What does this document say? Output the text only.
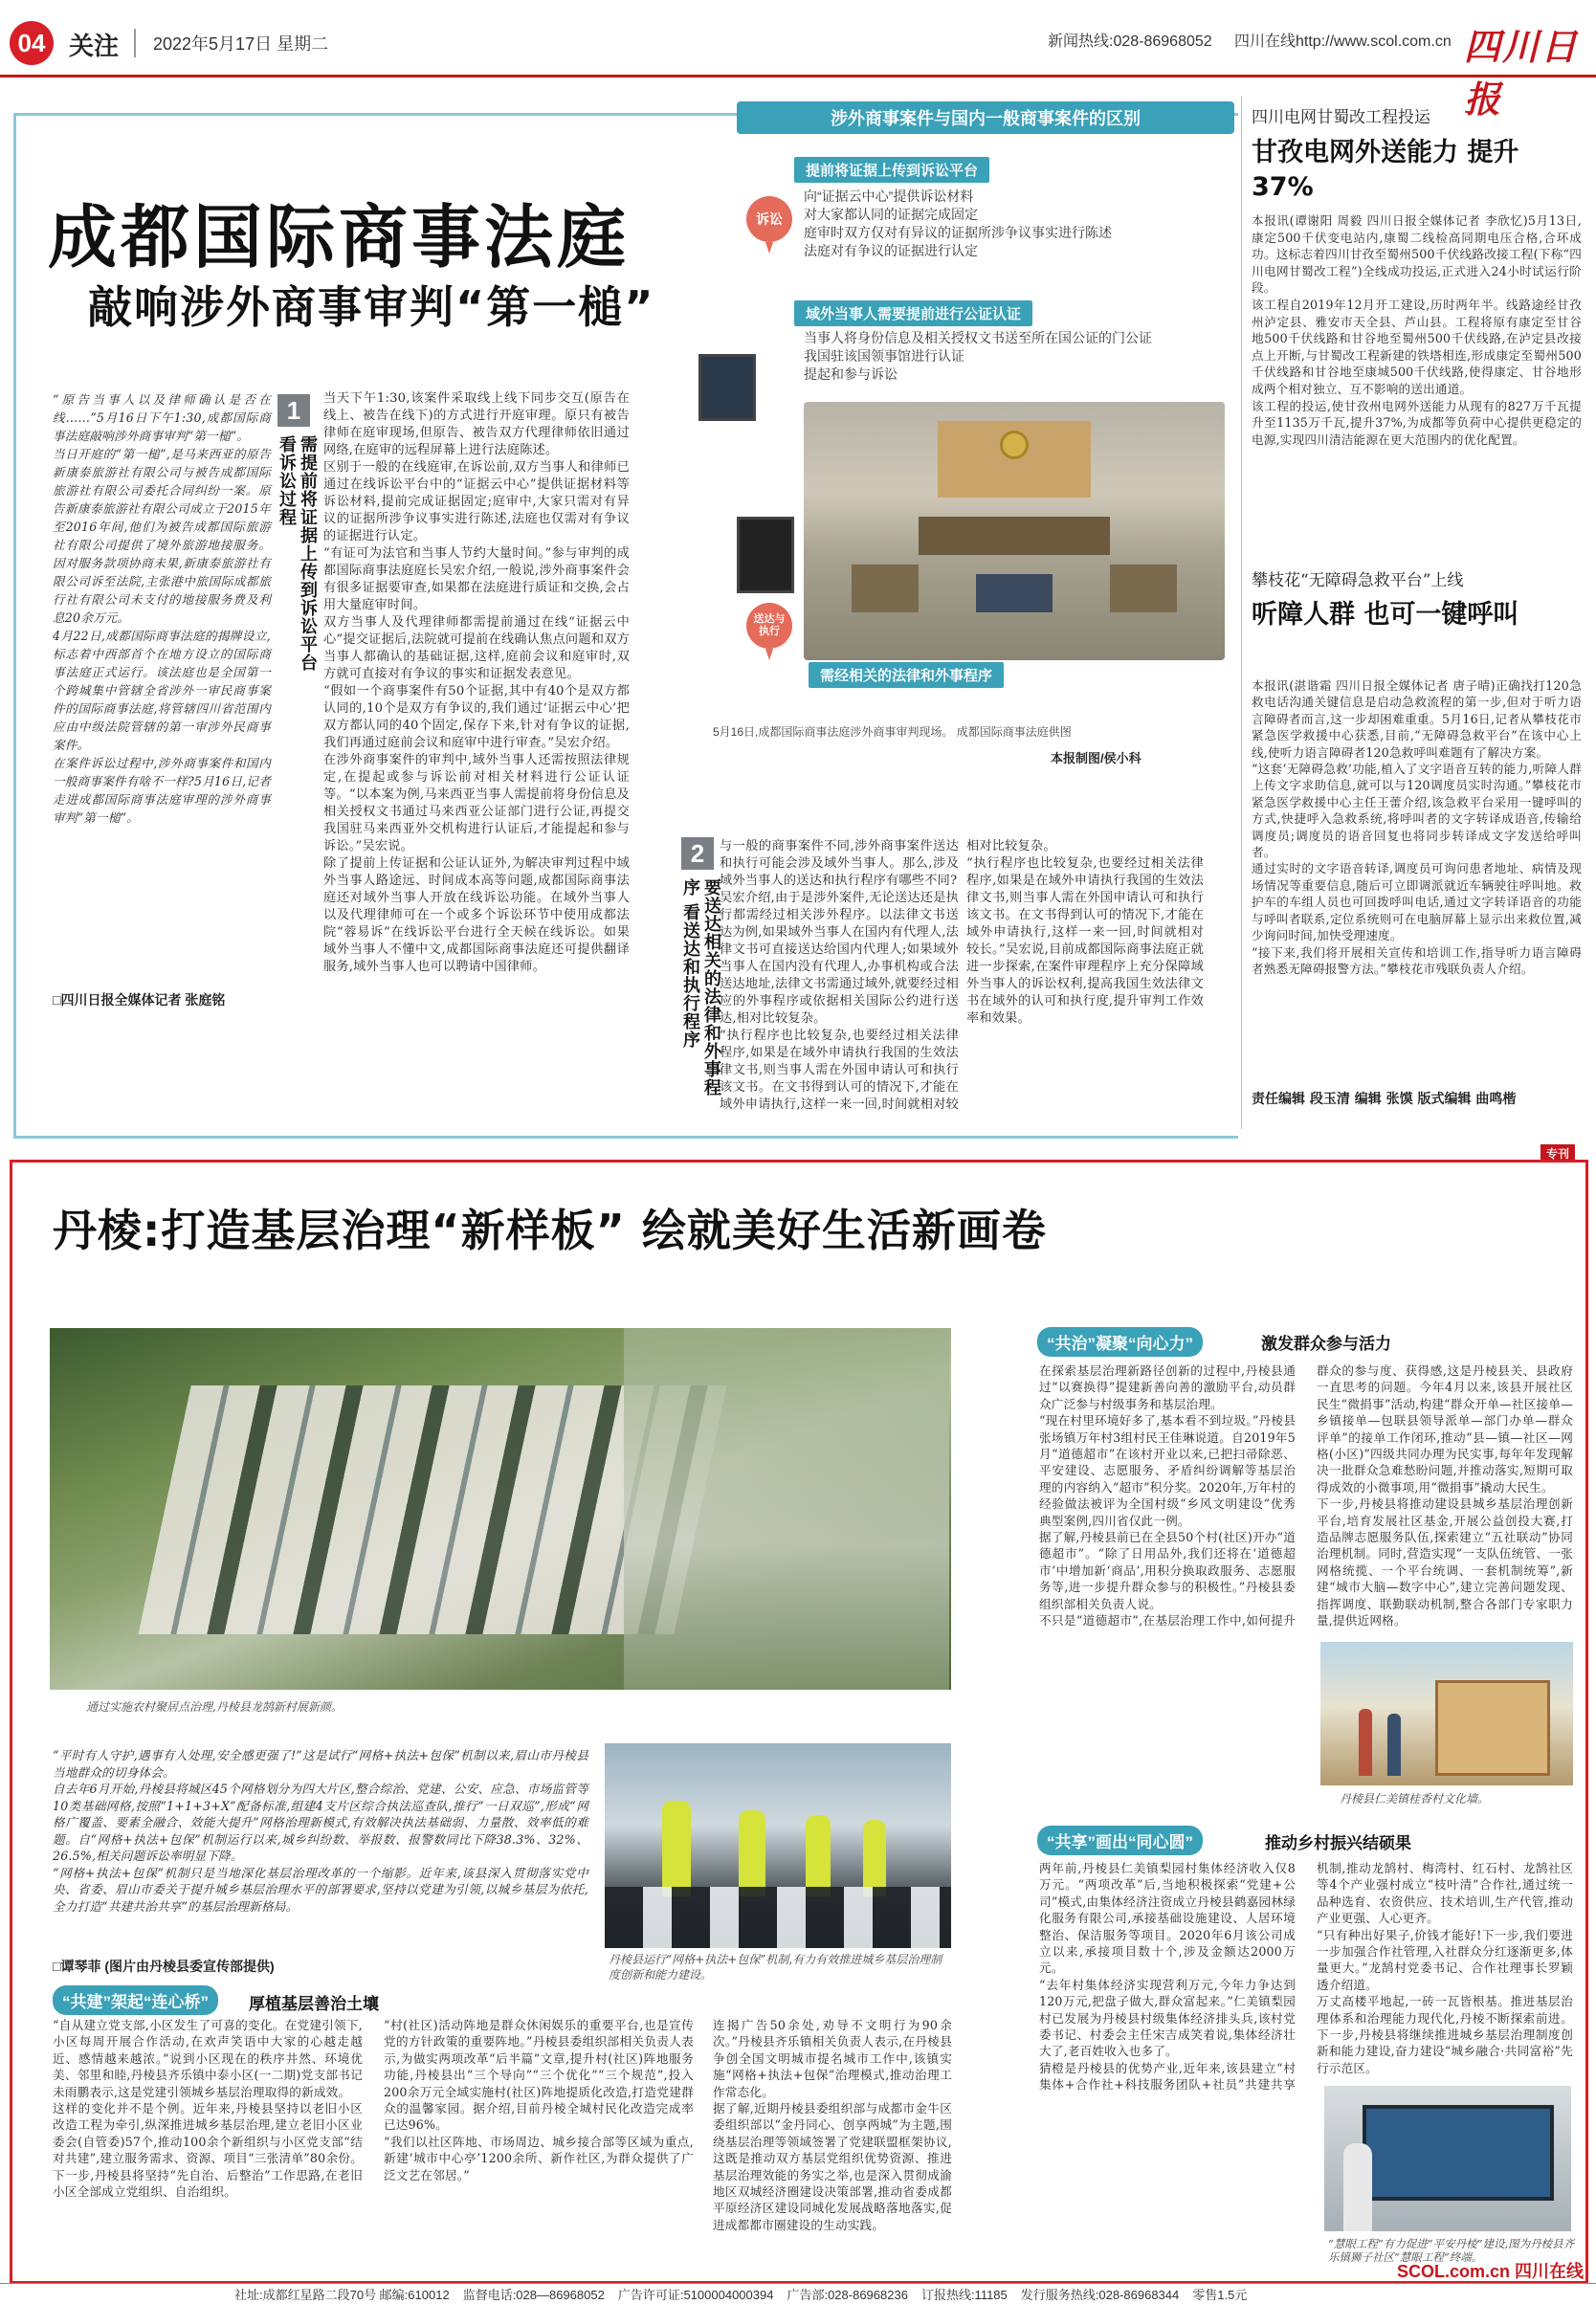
04 关注 2022年5月17日 星期二	新闻热线:028-86968052 四川在线http://www.scol.com.cn 四川日报
成都国际商事法庭
敲响涉外商事审判“第一槌”
“原告当事人以及律师确认是否在线……”5月16日下午1:30,成都国际商事法庭敲响涉外商事审判“第一槌”。
当日开庭的“第一槌”,是马来西亚的原告新康泰旅游社有限公司与被告成都国际旅游社有限公司委托合同纠纷一案。原告新康泰旅游社有限公司成立于2015年至2016年间,他们为被告成都国际旅游社有限公司提供了境外旅游地接服务。因对服务款项协商未果,新康泰旅游社有限公司诉至法院,主张港中旅国际成都旅行社有限公司未支付的地接服务费及利息20余万元。
4月22日,成都国际商事法庭的揭牌设立,标志着中西部首个在地方设立的国际商事法庭正式运行。该法庭也是全国第一个跨城集中管辖全省涉外一审民商事案件的国际商事法庭,将管辖四川省范围内应由中级法院管辖的第一审涉外民商事案件。
在案件诉讼过程中,涉外商事案件和国内一般商事案件有啥不一样?5月16日,记者走进成都国际商事法庭审理的涉外商事审判“第一槌”。
□四川日报全媒体记者 张庭铭
1
需提前将证据上传到诉讼平台 看诉讼过程
当天下午1:30,该案件采取线上线下同步交互(原告在线上、被告在线下)的方式进行开庭审理。原只有被告律师在庭审现场,但原告、被告双方代理律师依旧通过网络,在庭审的远程屏幕上进行法庭陈述。
区别于一般的在线庭审,在诉讼前,双方当事人和律师已通过在线诉讼平台中的“证据云中心”提供证据材料等诉讼材料,提前完成证据固定;庭审中,大家只需对有异议的证据所涉争议事实进行陈述,法庭也仅需对有争议的证据进行认定。
“有证可为法官和当事人节约大量时间。”参与审判的成都国际商事法庭庭长吴宏介绍,一般说,涉外商事案件会有很多证据要审查,如果都在法庭进行质证和交换,会占用大量庭审时间。
双方当事人及代理律师都需提前通过在线“证据云中心”提交证据后,法院就可提前在线确认焦点问题和双方当事人都确认的基础证据,这样,庭前会议和庭审时,双方就可直接对有争议的事实和证据发表意见。
“假如一个商事案件有50个证据,其中有40个是双方都认同的,10个是双方有争议的,我们通过‘证据云中心’把双方都认同的40个固定,保存下来,针对有争议的证据,我们再通过庭前会议和庭审中进行审查。”吴宏介绍。
在涉外商事案件的审判中,域外当事人还需按照法律规定,在提起或参与诉讼前对相关材料进行公证认证等。“以本案为例,马来西亚当事人需提前将身份信息及相关授权文书通过马来西亚公证部门进行公证,再提交我国驻马来西亚外交机构进行认证后,才能提起和参与诉讼。”吴宏说。
除了提前上传证据和公证认证外,为解决审判过程中域外当事人路途远、时间成本高等问题,成都国际商事法庭还对域外当事人开放在线诉讼功能。在域外当事人以及代理律师可在一个或多个诉讼环节中使用成都法院“蓉易诉”在线诉讼平台进行全天候在线诉讼。如果域外当事人不懂中文,成都国际商事法庭还可提供翻译服务,域外当事人也可以聘请中国律师。
涉外商事案件与国内一般商事案件的区别
诉讼
提前将证据上传到诉讼平台
向“证据云中心”提供诉讼材料
对大家都认同的证据完成固定
庭审时双方仅对有异议的证据所涉争议事实进行陈述
法庭对有争议的证据进行认定
域外当事人需要提前进行公证认证
当事人将身份信息及相关授权文书送至所在国公证的门公证
我国驻该国领事馆进行认证
提起和参与诉讼
送达与执行
需经相关的法律和外事程序
5月16日,成都国际商事法庭涉外商事审判现场。 成都国际商事法庭供图
本报制图/侯小科
2
要送达相关的法律和外事程序 看送达和执行程序
与一般的商事案件不同,涉外商事案件送达和执行可能会涉及域外当事人。那么,涉及域外当事人的送达和执行程序有哪些不同?
吴宏介绍,由于是涉外案件,无论送达还是执行都需经过相关涉外程序。以法律文书送达为例,如果域外当事人在国内有代理人,法律文书可直接送达给国内代理人;如果域外当事人在国内没有代理人,办事机构或合法送达地址,法律文书需通过域外,就要经过相应的外事程序或依据相关国际公约进行送达,相对比较复杂。
“执行程序也比较复杂,也要经过相关法律程序,如果是在域外申请执行我国的生效法律文书,则当事人需在外国申请认可和执行该文书。在文书得到认可的情况下,才能在域外申请执行,这样一来一回,时间就相对较
相对比较复杂。
“执行程序也比较复杂,也要经过相关法律程序,如果是在域外申请执行我国的生效法律文书,则当事人需在外国申请认可和执行该文书。在文书得到认可的情况下,才能在域外申请执行,这样一来一回,时间就相对较长。”吴宏说,目前成都国际商事法庭正就进一步探索,在案件审理程序上充分保障域外当事人的诉讼权利,提高我国生效法律文书在域外的认可和执行度,提升审判工作效率和效果。
四川电网甘蜀改工程投运
甘孜电网外送能力 提升37%
本报讯(谭谢阳 周毅 四川日报全媒体记者 李欣忆)5月13日,康定500千伏变电站内,康蜀二线检高同期电压合格,合环成功。这标志着四川甘孜至蜀州500千伏线路改接工程(下称“四川电网甘蜀改工程”)全线成功投运,正式进入24小时试运行阶段。
该工程自2019年12月开工建设,历时两年半。线路途经甘孜州泸定县、雅安市天全县、芦山县。工程将原有康定至甘谷地500千伏线路和甘谷地至蜀州500千伏线路,在泸定县改接点上开断,与甘蜀改工程新建的铁塔相连,形成康定至蜀州500千伏线路和甘谷地至康城500千伏线路,使得康定、甘谷地形成两个相对独立、互不影响的送出通道。
该工程的投运,使甘孜州电网外送能力从现有的827万千瓦提升至1135万千瓦,提升37%,为成都等负荷中心提供更稳定的电源,实现四川清洁能源在更大范围内的优化配置。
攀枝花“无障碍急救平台”上线
听障人群 也可一键呼叫
本报讯(湛谐霜 四川日报全媒体记者 唐子晴)正确找打120急救电话沟通关键信息是启动急救流程的第一步,但对于听力语言障碍者而言,这一步却困难重重。5月16日,记者从攀枝花市紧急医学救援中心获悉,目前,“无障碍急救平台”在该中心上线,使听力语言障碍者120急救呼叫难题有了解决方案。
“这套‘无障碍急救’功能,植入了文字语音互转的能力,听障人群上传文字求助信息,就可以与120调度员实时沟通。”攀枝花市紧急医学救援中心主任王蕾介绍,该急救平台采用一键呼叫的方式,快捷呼入急救系统,将呼叫者的文字转译成语音,传输给调度员;调度员的语音回复也将同步转译成文字发送给呼叫者。
通过实时的文字语音转译,调度员可询问患者地址、病情及现场情况等重要信息,随后可立即调派就近车辆驶往呼叫地。救护车的车组人员也可回拨呼叫电话,通过文字转译语音的功能与呼叫者联系,定位系统则可在电脑屏幕上显示出来救位置,减少询问时间,加快受理速度。
“接下来,我们将开展相关宣传和培训工作,指导听力语言障碍者熟悉无障碍报警方法。”攀枝花市残联负责人介绍。
责任编辑 段玉清 编辑 张馍 版式编辑 曲鸣楷
专刊
丹棱:打造基层治理“新样板” 绘就美好生活新画卷
通过实施农村聚居点治理,丹棱县龙鹄新村展新颜。
“平时有人守护,遇事有人处理,安全感更强了!”这是试行“网格+执法+包保”机制以来,眉山市丹棱县当地群众的切身体会。
自去年6月开始,丹棱县将城区45个网格划分为四大片区,整合综治、党建、公安、应急、市场监管等10类基础网格,按照“1+1+3+X”配备标准,组建4支片区综合执法巡查队,推行“一日双巡”,形成“网格广覆盖、要素全融合、效能大提升”网格治理新模式,有效解决执法基础弱、力量散、效率低的难题。自“网格+执法+包保”机制运行以来,城乡纠纷数、举报数、报警数同比下降38.3%、32%、26.5%,相关问题诉讼率明显下降。
“网格+执法+包保”机制只是当地深化基层治理改革的一个缩影。近年来,该县深入贯彻落实党中央、省委、眉山市委关于提升城乡基层治理水平的部署要求,坚持以党建为引领,以城乡基层为依托,全力打造“共建共治共享”的基层治理新格局。
□谭琴菲 (图片由丹棱县委宣传部提供)	丹棱县运行“网格+执法+包保”机制,有力有效推进城乡基层治理制度创新和能力建设。
“共建”架起“连心桥”	厚植基层善治土壤
“自从建立党支部,小区发生了可喜的变化。在党建引领下,小区每周开展合作活动,在欢声笑语中大家的心越走越近、感情越来越浓。”说到小区现在的秩序井然、环境优美、邻里和睦,丹棱县齐乐镇中泰小区(一二期)党支部书记未雨鹏表示,这是党建引领城乡基层治理取得的新成效。
这样的变化并不是个例。近年来,丹棱县坚持以老旧小区改造工程为牵引,纵深推进城乡基层治理,建立老旧小区业委会(自管委)57个,推动100余个新组织与小区党支部“结对共建”,建立服务需求、资源、项目“三张清单”80余份。下一步,丹棱县将坚持“先自治、后整治”工作思路,在老旧小区全部成立党组织、自治组织。
“村(社区)活动阵地是群众休闲娱乐的重要平台,也是宣传党的方针政策的重要阵地。”丹棱县委组织部相关负责人表示,为做实两项改革“后半篇”文章,提升村(社区)阵地服务功能,丹棱县出“三个导向”“三个优化”“三个规范”,投入200余万元全域实施村(社区)阵地提质化改造,打造党建群众的温馨家园。据介绍,目前丹棱全城村民化改造完成率已达96%。
“我们以社区阵地、市场周边、城乡接合部等区域为重点,新建‘城市中心亭’1200余所、新作社区,为群众提供了广泛文艺在邻居。”
连揭广告50余处,劝导不文明行为90余次。”丹棱县齐乐镇相关负责人表示,在丹棱县争创全国文明城市提名城市工作中,该镇实施“网格+执法+包保”治理模式,推动治理工作常态化。
据了解,近期丹棱县委组织部与成都市金牛区委组织部以“金丹同心、创享两城”为主题,围绕基层治理等领域签署了党建联盟框架协议,这既是推动双方基层党组织优势资源、推进基层治理效能的务实之举,也是深入贯彻成渝地区双城经济圈建设决策部署,推动省委成都平原经济区建设同城化发展战略落地落实,促进成都都市圈建设的生动实践。
“共治”凝聚“向心力”	激发群众参与活力
在探索基层治理新路径创新的过程中,丹棱县通过“以赛换得”提建新善向善的激励平台,动员群众广泛参与村级事务和基层治理。
“现在村里环境好多了,基本看不到垃圾。”丹棱县张场镇万年村3组村民王佳琳说道。自2019年5月“道德超市”在该村开业以来,已把扫帚除恶、平安建设、志愿服务、矛盾纠纷调解等基层治理的内容纳入“超市”积分奖。2020年,万年村的经验做法被评为全国村级“乡风文明建设”优秀典型案例,四川省仅此一例。
据了解,丹棱县前已在全县50个村(社区)开办“道德超市”。“除了日用品外,我们还将在‘道德超市’中增加新‘商品’,用积分换取政服务、志愿服务等,进一步提升群众参与的积极性。”丹棱县委组织部相关负责人说。
不只是“道德超市”,在基层治理工作中,如何提升群众的参与度、获得感,这是丹棱县关、县政府一直思考的问题。今年4月以来,该县开展社区民生“微捐事”活动,构建“群众开单—社区接单—乡镇接单—包联县领导派单—部门办单—群众评单”的接单工作闭环,推动“县—镇—社区—网格(小区)”四级共同办理为民实事,每年年发现解决一批群众急难愁盼问题,并推动落实,短期可取得成效的小微事项,用“微捐事”撬动大民生。
下一步,丹棱县将推动建设县城乡基层治理创新平台,培育发展社区基金,开展公益创投大赛,打造品牌志愿服务队伍,探索建立“五社联动”协同治理机制。同时,营造实现“一支队伍统管、一张网格统揽、一个平台统调、一套机制统筹”,新建“城市大脑—数字中心”,建立完善问题发现、指挥调度、联勤联动机制,整合各部门专家职力量,提供近网格。
丹棱县仁美镇桂香村文化墙。
“共享”画出“同心圆”	推动乡村振兴结硕果
两年前,丹棱县仁美镇梨园村集体经济收入仅8万元。“两项改革”后,当地积极探索“党建+公司”模式,由集体经济注资成立丹棱县鹤嘉园林绿化服务有限公司,承接基础设施建设、人居环境整治、保洁服务等项目。2020年6月该公司成立以来,承接项目数十个,涉及金额达2000万元。
“去年村集体经济实现营利万元,今年力争达到120万元,把盘子做大,群众富起来。”仁美镇梨园村已发展为丹棱县村级集体经济排头兵,该村党委书记、村委会主任宋吉成笑着说,集体经济壮大了,老百姓收入也多了。
猜橙是丹棱县的优势产业,近年来,该县建立“村集体+合作社+科技服务团队+社员”共建共享机制,推动龙鹄村、梅湾村、红石村、龙鹄社区等4个产业强村成立“枝叶清”合作社,通过统一品种选育、农资供应、技术培训,生产代管,推动产业更强、人心更齐。
“只有种出好果子,价钱才能好!下一步,我们要进一步加强合作社管理,入社群众分红逐渐更多,体量更大。”龙鹄村党委书记、合作社理事长罗颖透介绍道。
万丈高楼平地起,一砖一瓦皆根基。推进基层治理体系和治理能力现代化,丹棱不断探索前进。下一步,丹棱县将继续推进城乡基层治理制度创新和能力建设,奋力建设“城乡融合·共同富裕”先行示范区。
“慧眼工程”有力促进“平安丹棱”建设,图为丹棱县齐乐镇狮子社区“慧眼工程”终端。
社址:成都红星路二段70号 邮编:610012 监督电话:028—86968052 广告许可证:5100004000394 广告部:028-86968236 订报热线:11185 发行服务热线:028-86968344 零售1.5元
SCOL.com.cn 四川在线
